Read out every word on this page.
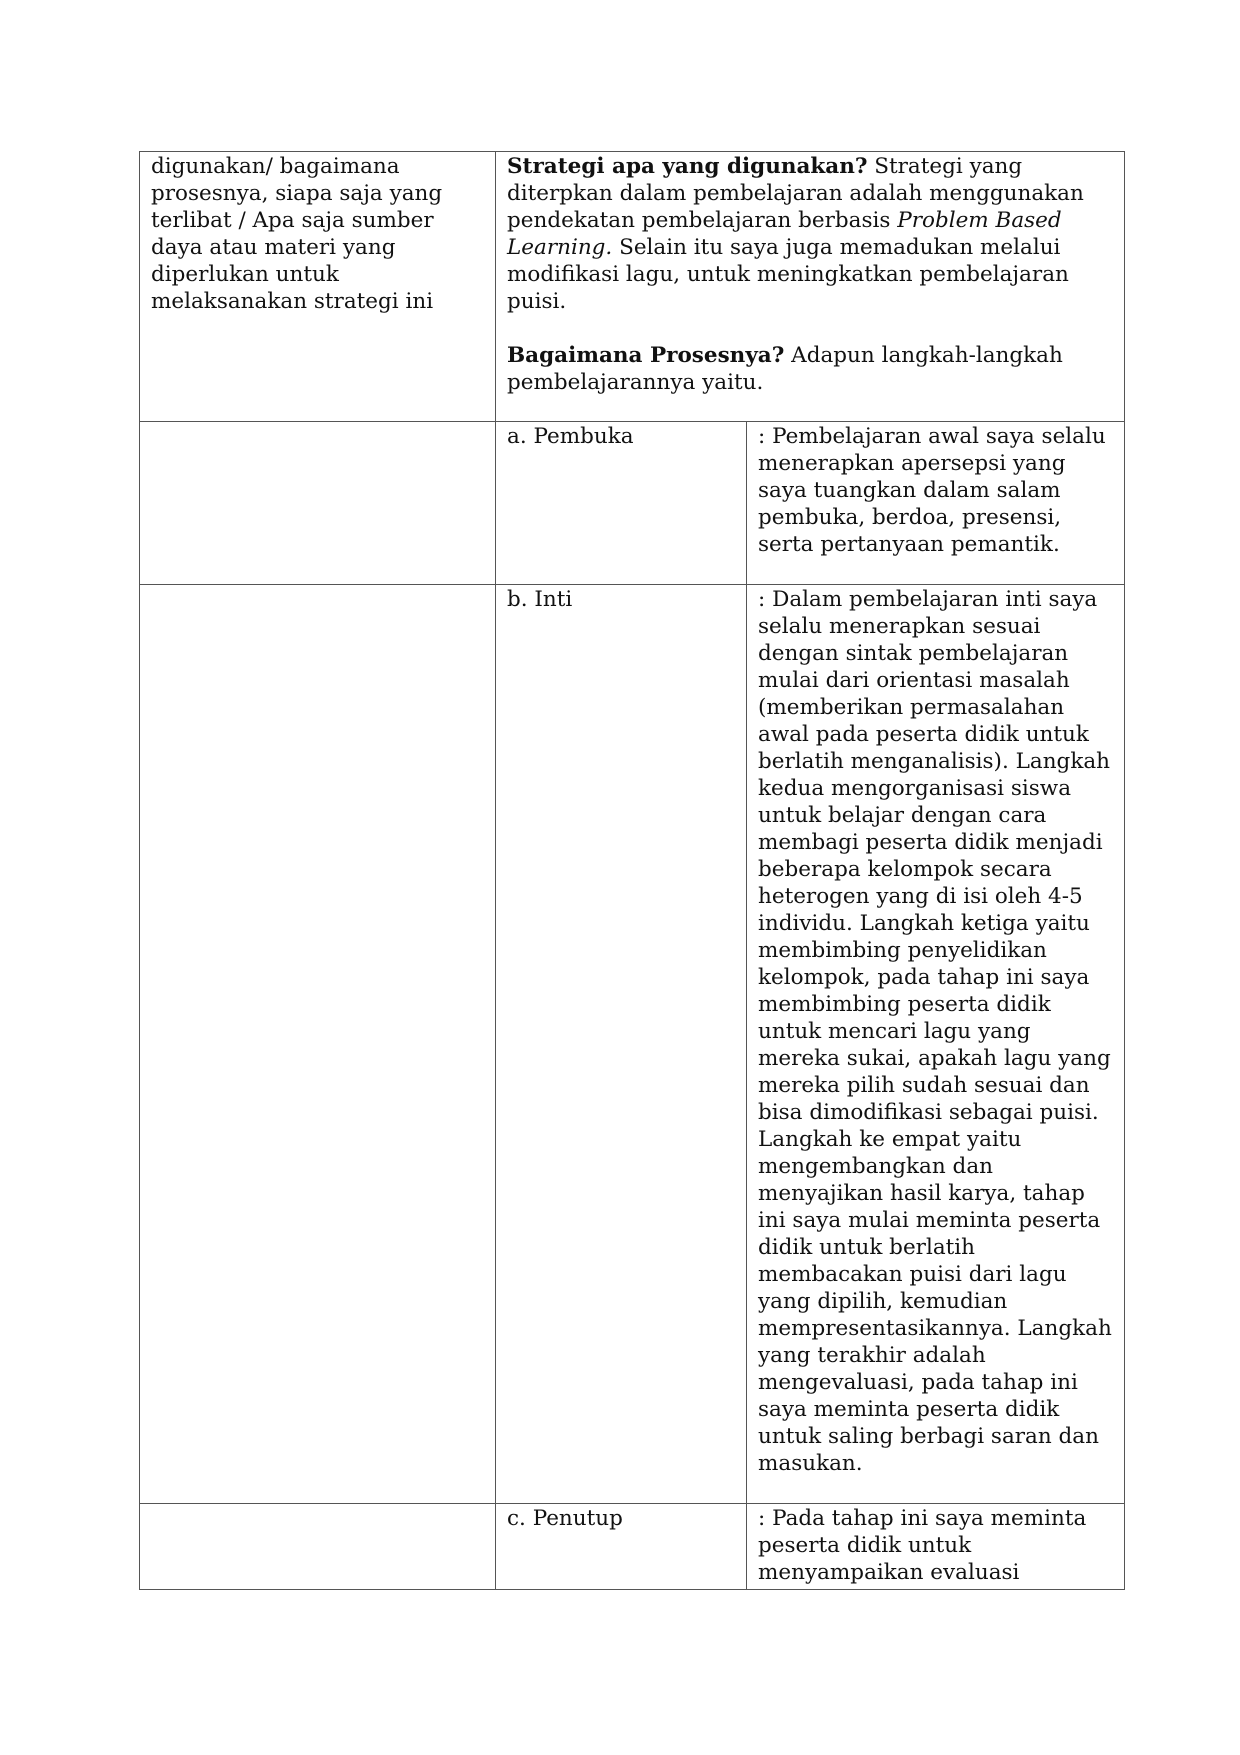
digunakan/ bagaimana prosesnya, siapa saja yang terlibat / Apa saja sumber daya atau materi yang diperlukan untuk melaksanakan strategi ini	Strategi apa yang digunakan? Strategi yang diterpkan dalam pembelajaran adalah menggunakan pendekatan pembelajaran berbasis Problem Based Learning. Selain itu saya juga memadukan melalui modifikasi lagu, untuk meningkatkan pembelajaran puisi.

Bagaimana Prosesnya? Adapun langkah-langkah pembelajarannya yaitu.	

	a. Pembuka	: Pembelajaran awal saya selalu menerapkan apersepsi yang saya tuangkan dalam salam pembuka, berdoa, presensi, serta pertanyaan pemantik.
	b. Inti	: Dalam pembelajaran inti saya selalu menerapkan sesuai dengan sintak pembelajaran mulai dari orientasi masalah (memberikan permasalahan awal pada peserta didik untuk berlatih menganalisis). Langkah kedua mengorganisasi siswa untuk belajar dengan cara membagi peserta didik menjadi beberapa kelompok secara heterogen yang di isi oleh 4-5 individu. Langkah ketiga yaitu membimbing penyelidikan kelompok, pada tahap ini saya membimbing peserta didik untuk mencari lagu yang mereka sukai, apakah lagu yang mereka pilih sudah sesuai dan bisa dimodifikasi sebagai puisi. Langkah ke empat yaitu mengembangkan dan menyajikan hasil karya, tahap ini saya mulai meminta peserta didik untuk berlatih membacakan puisi dari lagu yang dipilih, kemudian mempresentasikannya. Langkah yang terakhir adalah mengevaluasi, pada tahap ini saya meminta peserta didik untuk saling berbagi saran dan masukan.
	c. Penutup	: Pada tahap ini saya meminta peserta didik untuk menyampaikan evaluasi
